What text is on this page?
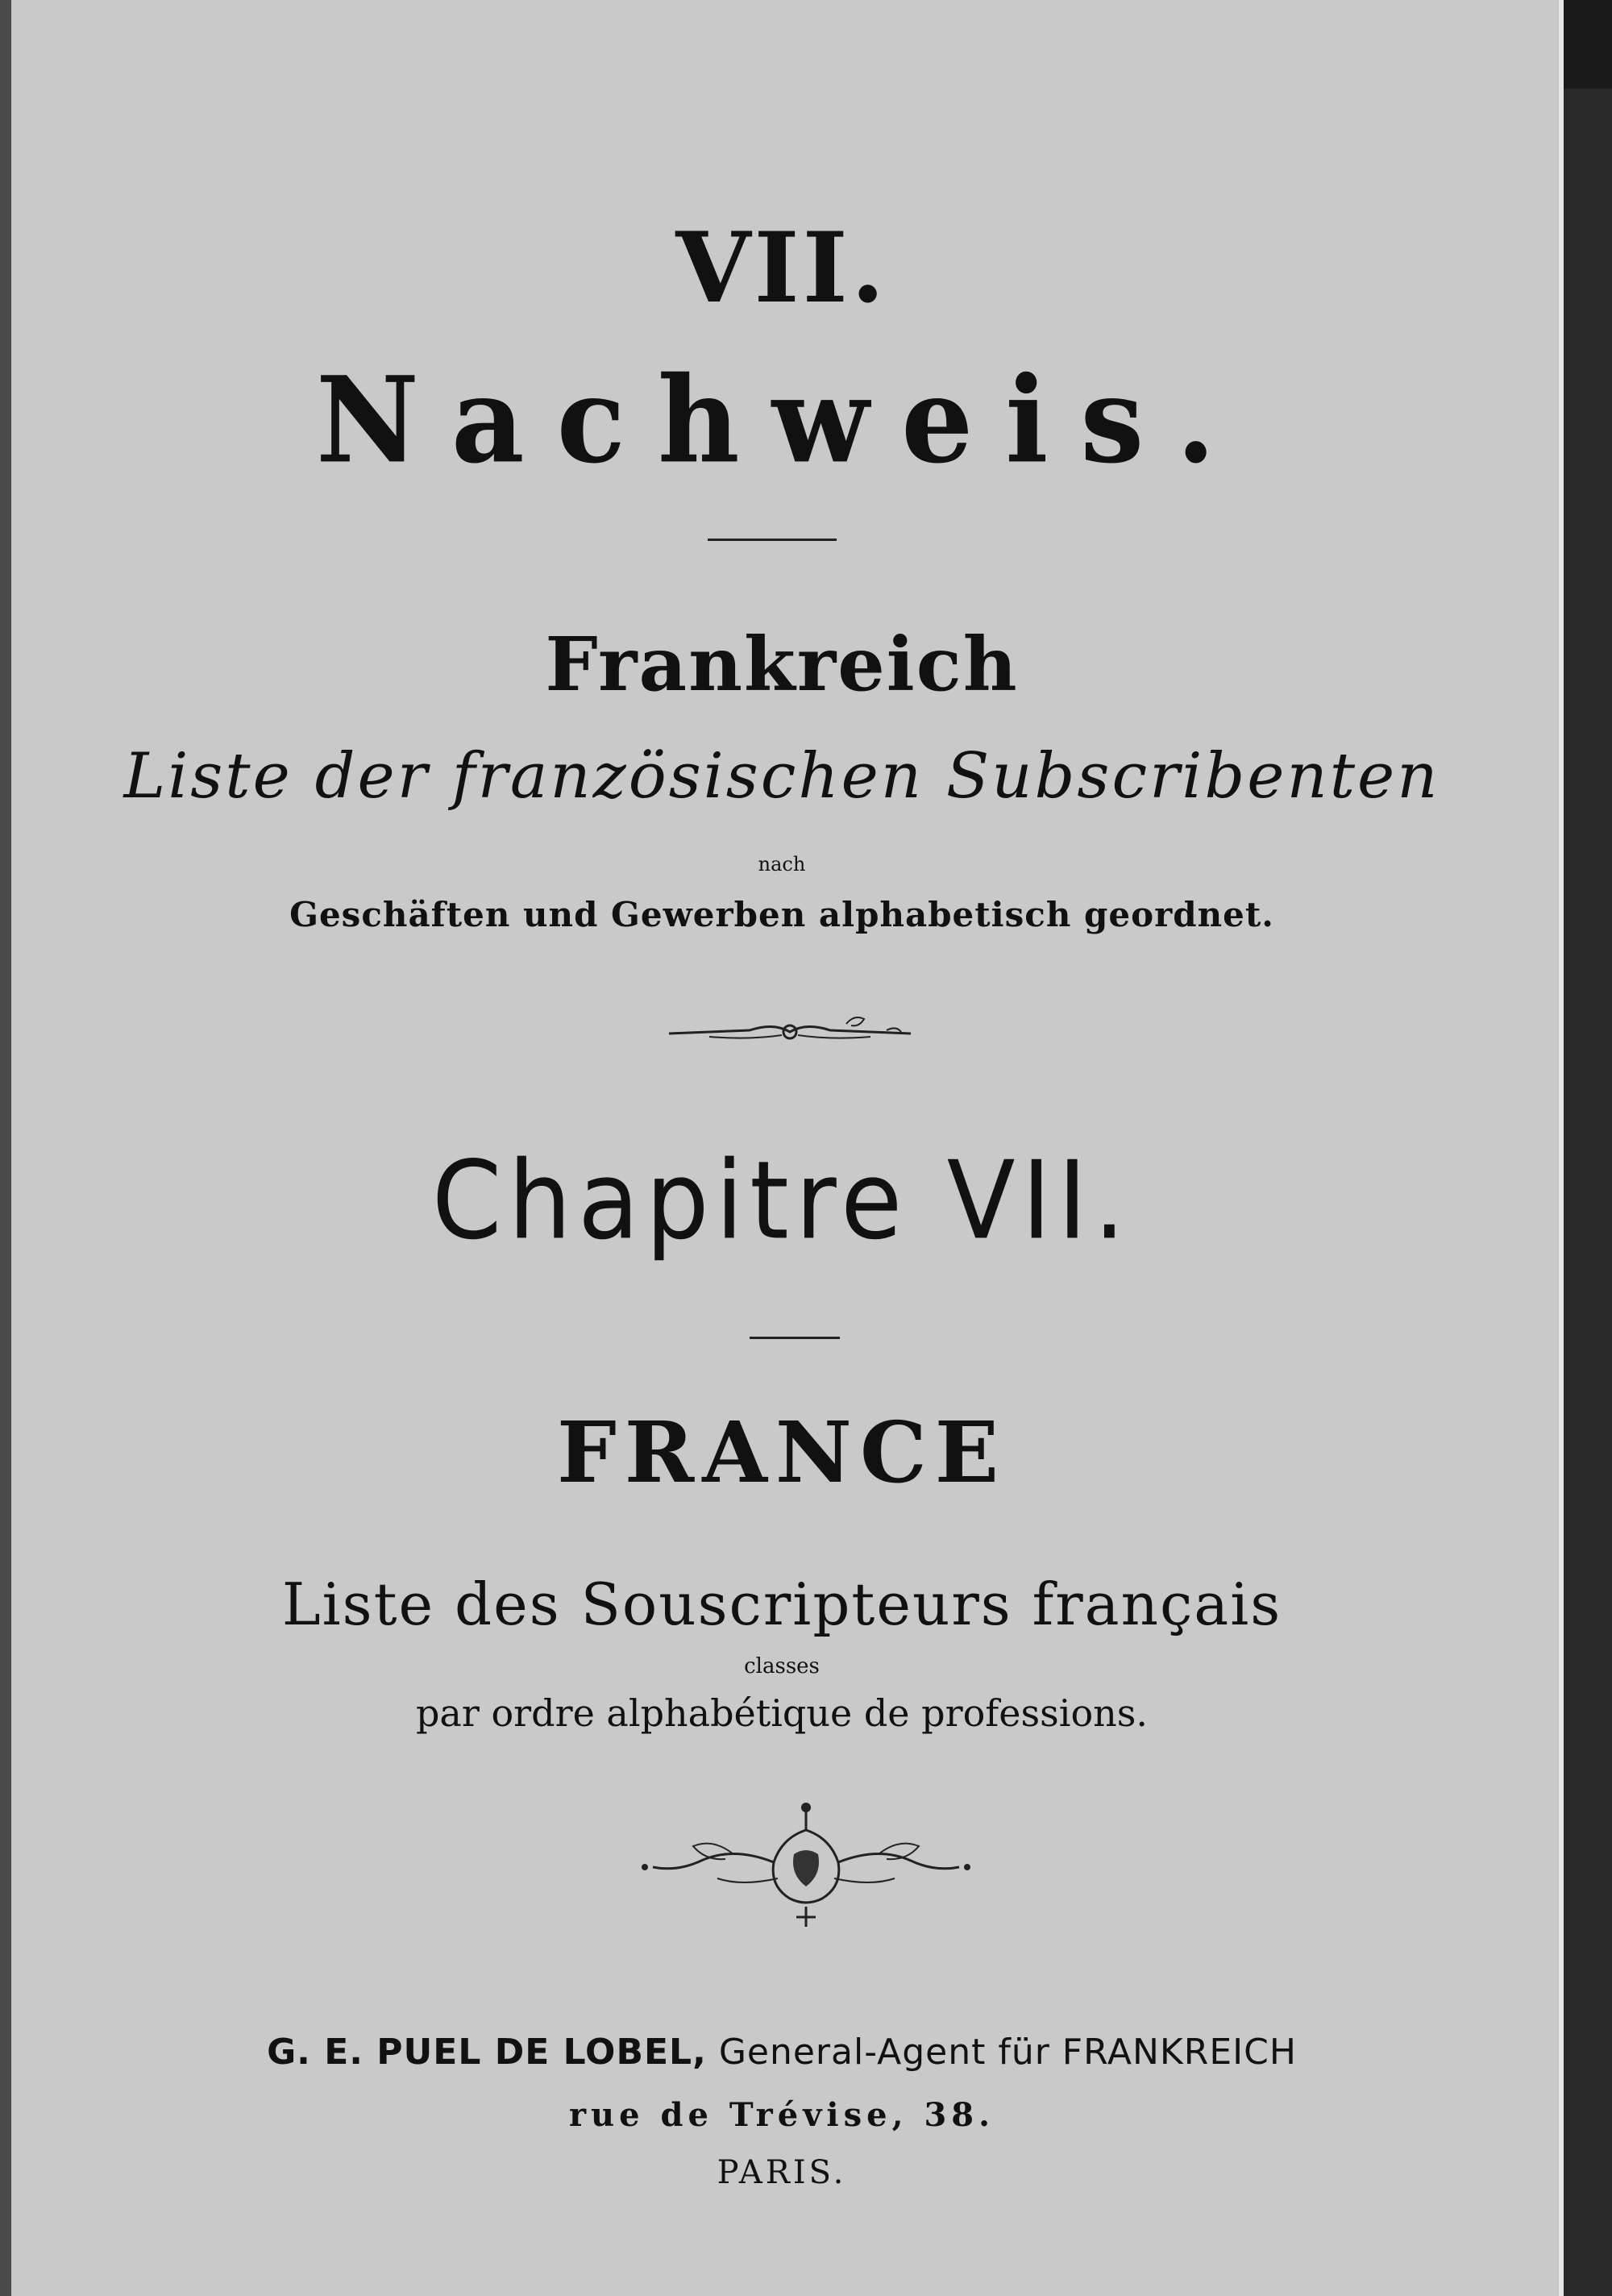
VII.
Nachweis.
Frankreich
Liste der französischen Subscribenten
nach
Geschäften und Gewerben alphabetisch geordnet.
Chapitre VII.
FRANCE
Liste des Souscripteurs français
classes
par ordre alphabétique de professions.
G. E. PUEL DE LOBEL, General-Agent für FRANKREICH
rue de Trévise, 38.
PARIS.
